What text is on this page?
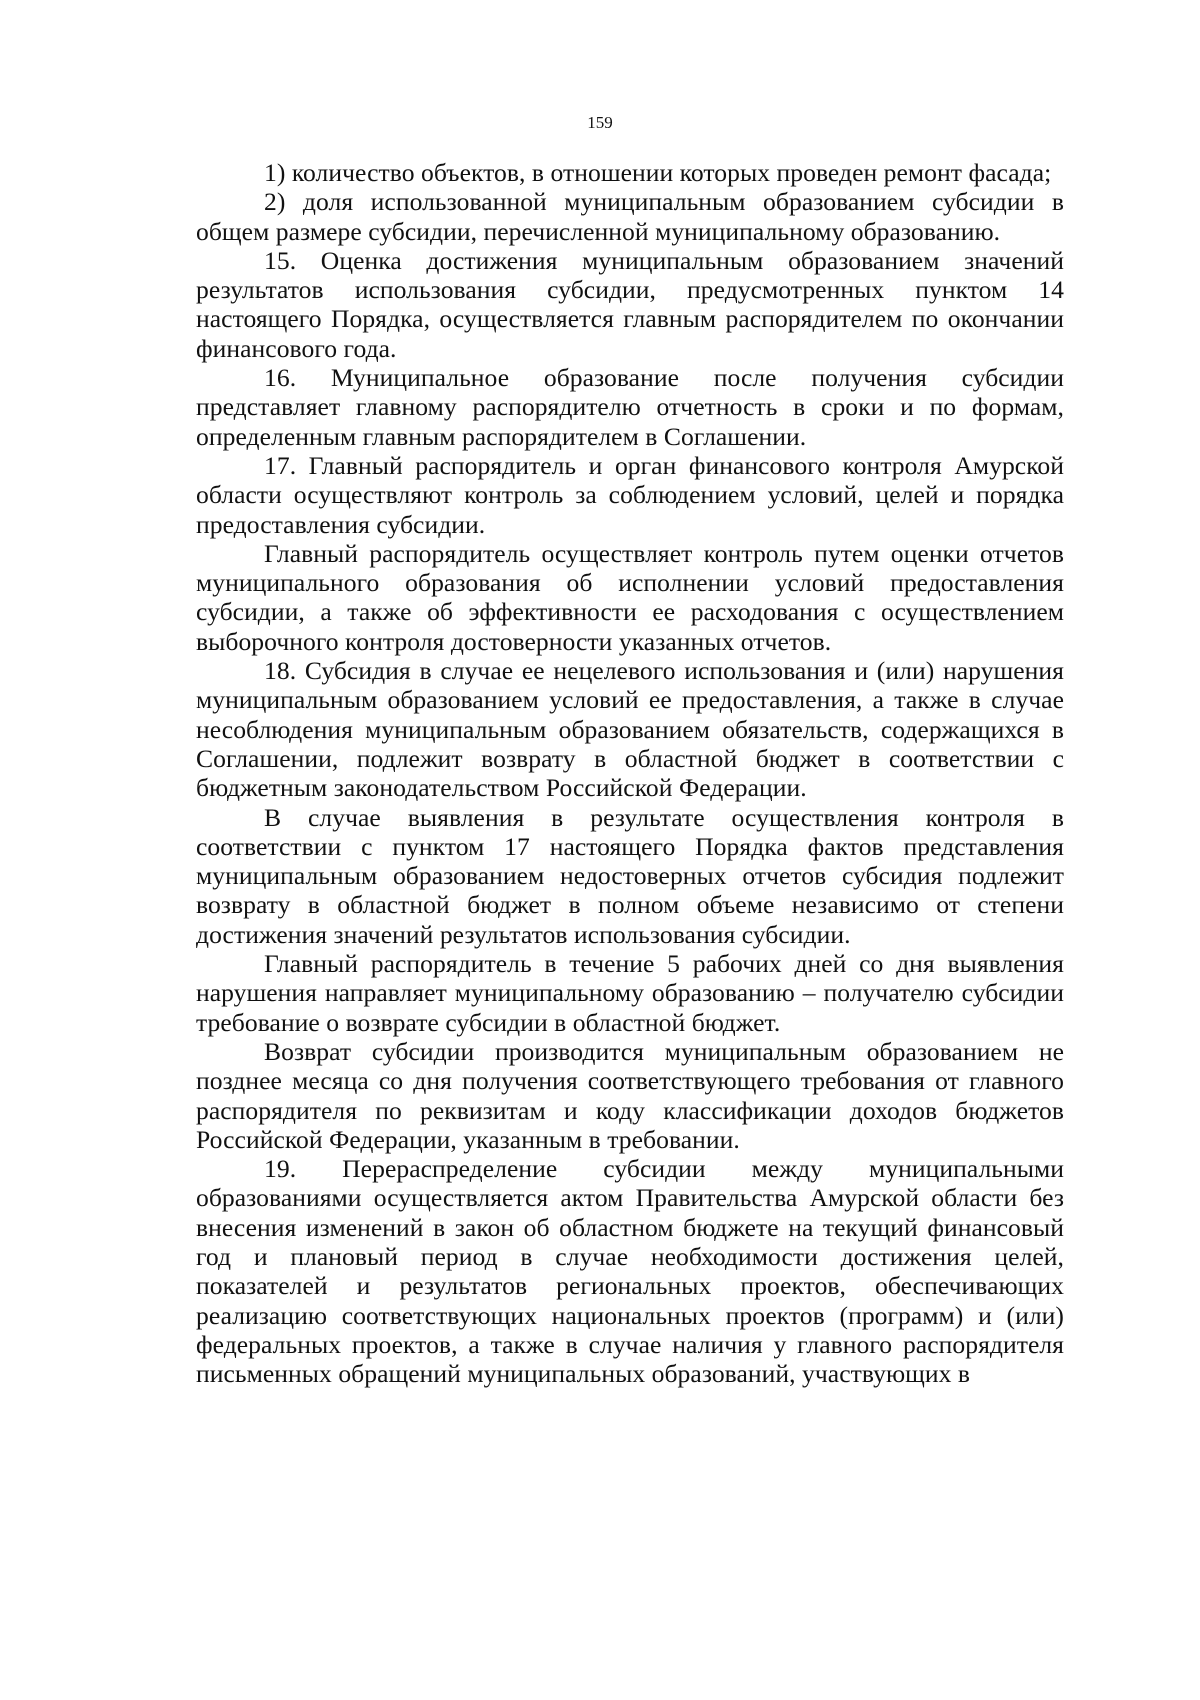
159

1) количество объектов, в отношении которых проведен ремонт фасада;

2) доля использованной муниципальным образованием субсидии в общем размере субсидии, перечисленной муниципальному образованию.

15. Оценка достижения муниципальным образованием значений результатов использования субсидии, предусмотренных пунктом 14 настоящего Порядка, осуществляется главным распорядителем по окончании финансового года.

16. Муниципальное образование после получения субсидии представляет главному распорядителю отчетность в сроки и по формам, определенным главным распорядителем в Соглашении.

17. Главный распорядитель и орган финансового контроля Амурской области осуществляют контроль за соблюдением условий, целей и порядка предоставления субсидии.

Главный распорядитель осуществляет контроль путем оценки отчетов муниципального образования об исполнении условий предоставления субсидии, а также об эффективности ее расходования с осуществлением выборочного контроля достоверности указанных отчетов.

18. Субсидия в случае ее нецелевого использования и (или) нарушения муниципальным образованием условий ее предоставления, а также в случае несоблюдения муниципальным образованием обязательств, содержащихся в Соглашении, подлежит возврату в областной бюджет в соответствии с бюджетным законодательством Российской Федерации.

В случае выявления в результате осуществления контроля в соответствии с пунктом 17 настоящего Порядка фактов представления муниципальным образованием недостоверных отчетов субсидия подлежит возврату в областной бюджет в полном объеме независимо от степени достижения значений результатов использования субсидии.

Главный распорядитель в течение 5 рабочих дней со дня выявления нарушения направляет муниципальному образованию – получателю субсидии требование о возврате субсидии в областной бюджет.

Возврат субсидии производится муниципальным образованием не позднее месяца со дня получения соответствующего требования от главного распорядителя по реквизитам и коду классификации доходов бюджетов Российской Федерации, указанным в требовании.

19. Перераспределение субсидии между муниципальными образованиями осуществляется актом Правительства Амурской области без внесения изменений в закон об областном бюджете на текущий финансовый год и плановый период в случае необходимости достижения целей, показателей и результатов региональных проектов, обеспечивающих реализацию соответствующих национальных проектов (программ) и (или) федеральных проектов, а также в случае наличия у главного распорядителя письменных обращений муниципальных образований, участвующих в
